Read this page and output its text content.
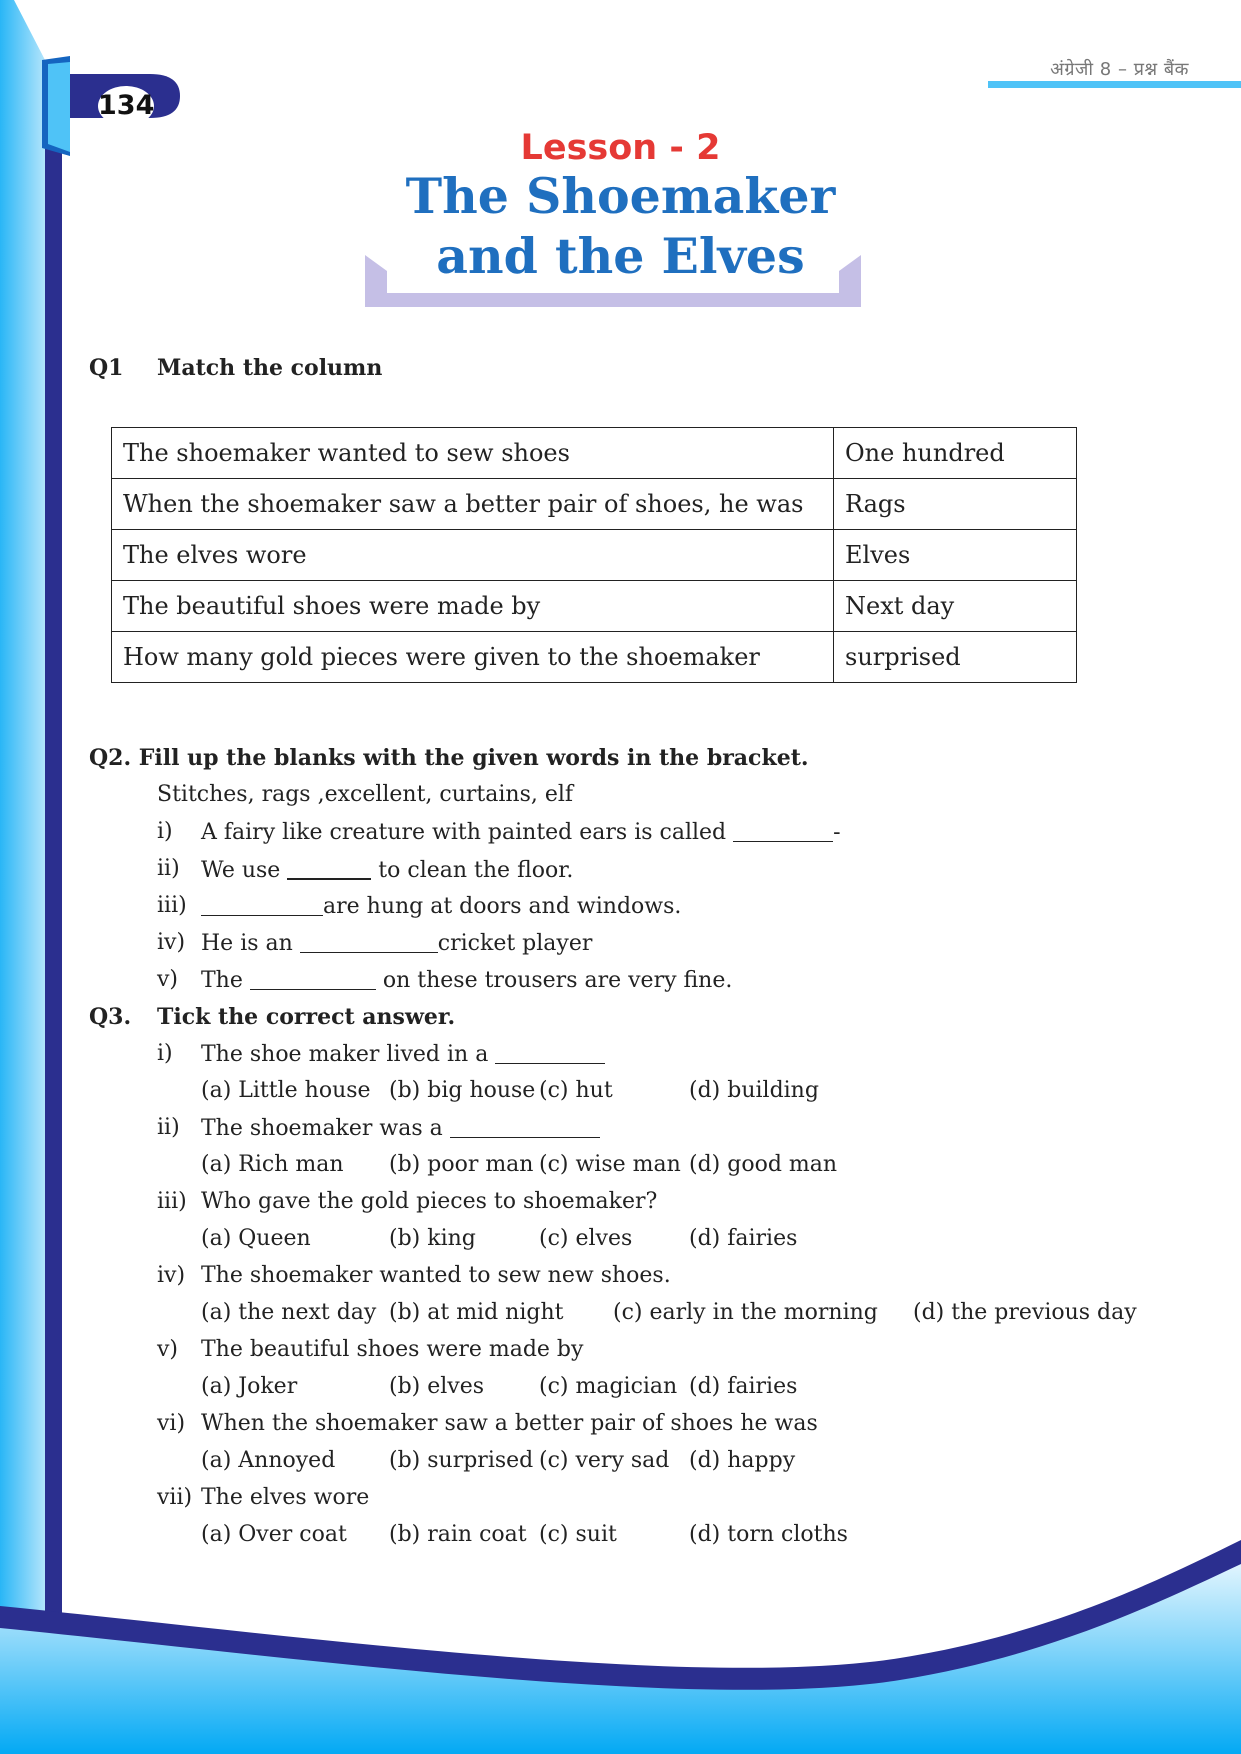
134
अंग्रेजी 8 – प्रश्न बैंक
Lesson - 2
The Shoemaker
and the Elves
Q1 Match the column
The shoemaker wanted to sew shoes	One hundred
When the shoemaker saw a better pair of shoes, he was	Rags
The elves wore	Elves
The beautiful shoes were made by	Next day
How many gold pieces were given to the shoemaker	surprised
Q2. Fill up the blanks with the given words in the bracket.
Stitches, rags ,excellent, curtains, elf
i) A fairy like creature with painted ears is called	-
ii) We use	to clean the floor.
iii)	are hung at doors and windows.
iv) He is an	cricket player
v) The	on these trousers are very fine.
Q3. Tick the correct answer.
i) The shoe maker lived in a
(a) Little house (b) big house (c) hut	(d) building
ii) The shoemaker was a
(a) Rich man (b) poor man (c) wise man (d) good man
iii) Who gave the gold pieces to shoemaker?
(a) Queen	(b) king	(c) elves	(d) fairies
iv) The shoemaker wanted to sew new shoes.
(a) the next day (b) at mid night (c) early in the morning (d) the previous day
v) The beautiful shoes were made by
(a) Joker	(b) elves (c) magician (d) fairies
vi) When the shoemaker saw a better pair of shoes he was
(a) Annoyed (b) surprised (c) very sad (d) happy
vii) The elves wore
(a) Over coat (b) rain coat (c) suit	(d) torn cloths
